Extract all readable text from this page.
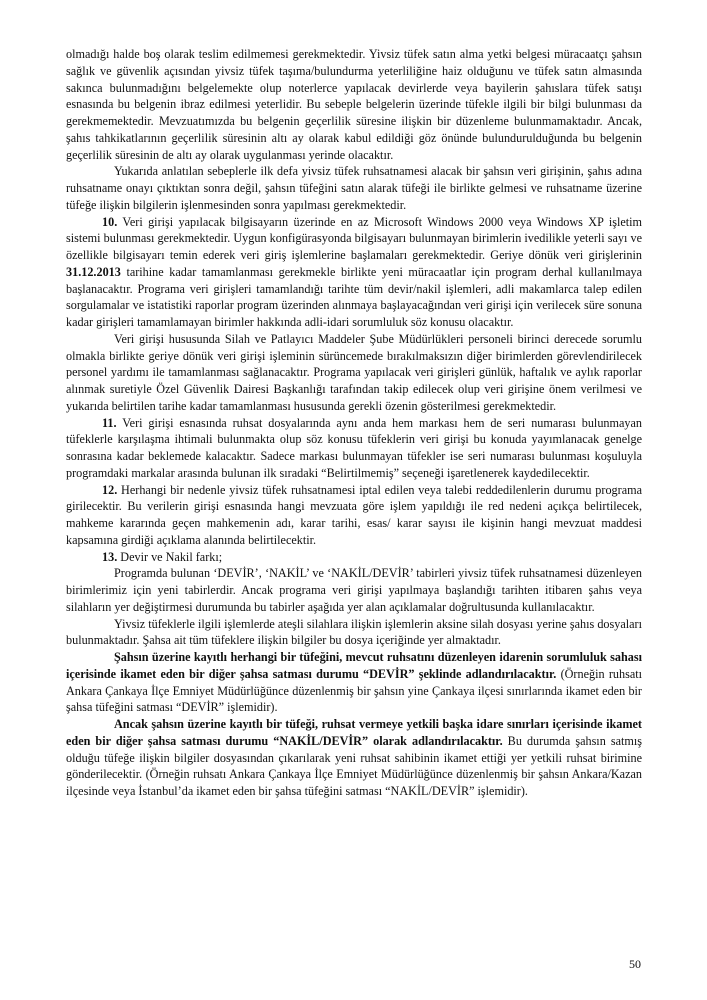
olmadığı halde boş olarak teslim edilmemesi gerekmektedir. Yivsiz tüfek satın alma yetki belgesi müracaatçı şahsın sağlık ve güvenlik açısından yivsiz tüfek taşıma/bulundurma yeterliliğine haiz olduğunu ve tüfek satın almasında sakınca bulunmadığını belgelemekte olup noterlerce yapılacak devirlerde veya bayilerin şahıslara tüfek satışı esnasında bu belgenin ibraz edilmesi yeterlidir. Bu sebeple belgelerin üzerinde tüfekle ilgili bir bilgi bulunması da gerekmemektedir. Mevzuatımızda bu belgenin geçerlilik süresine ilişkin bir düzenleme bulunmamaktadır. Ancak, şahıs tahkikatlarının geçerlilik süresinin altı ay olarak kabul edildiği göz önünde bulundurulduğunda bu belgenin geçerlilik süresinin de altı ay olarak uygulanması yerinde olacaktır.

Yukarıda anlatılan sebeplerle ilk defa yivsiz tüfek ruhsatnamesi alacak bir şahsın veri girişinin, şahıs adına ruhsatname onayı çıktıktan sonra değil, şahsın tüfeğini satın alarak tüfeği ile birlikte gelmesi ve ruhsatname üzerine tüfeğe ilişkin bilgilerin işlenmesinden sonra yapılması gerekmektedir.

10. Veri girişi yapılacak bilgisayarın üzerinde en az Microsoft Windows 2000 veya Windows XP işletim sistemi bulunması gerekmektedir. Uygun konfigürasyonda bilgisayarı bulunmayan birimlerin ivedilikle yeterli sayı ve özellikle bilgisayarı temin ederek veri giriş işlemlerine başlamaları gerekmektedir. Geriye dönük veri girişlerinin 31.12.2013 tarihine kadar tamamlanması gerekmekle birlikte yeni müracaatlar için program derhal kullanılmaya başlanacaktır. Programa veri girişleri tamamlandığı tarihte tüm devir/nakil işlemleri, adli makamlarca talep edilen sorgulamalar ve istatistiki raporlar program üzerinden alınmaya başlayacağından veri girişi için verilecek süre sonuna kadar girişleri tamamlamayan birimler hakkında adli-idari sorumluluk söz konusu olacaktır.

Veri girişi hususunda Silah ve Patlayıcı Maddeler Şube Müdürlükleri personeli birinci derecede sorumlu olmakla birlikte geriye dönük veri girişi işleminin sürüncemede bırakılmaksızın diğer birimlerden görevlendirilecek personel yardımı ile tamamlanması sağlanacaktır. Programa yapılacak veri girişleri günlük, haftalık ve aylık raporlar alınmak suretiyle Özel Güvenlik Dairesi Başkanlığı tarafından takip edilecek olup veri girişine önem verilmesi ve yukarıda belirtilen tarihe kadar tamamlanması hususunda gerekli özenin gösterilmesi gerekmektedir.

11. Veri girişi esnasında ruhsat dosyalarında aynı anda hem markası hem de seri numarası bulunmayan tüfeklerle karşılaşma ihtimali bulunmakta olup söz konusu tüfeklerin veri girişi bu konuda yayımlanacak genelge sonrasına kadar beklemede kalacaktır. Sadece markası bulunmayan tüfekler ise seri numarası bulunması koşuluyla programdaki markalar arasında bulunan ilk sıradaki “Belirtilmemiş” seçeneği işaretlenerek kaydedilecektir.

12. Herhangi bir nedenle yivsiz tüfek ruhsatnamesi iptal edilen veya talebi reddedilenlerin durumu programa girilecektir. Bu verilerin girişi esnasında hangi mevzuata göre işlem yapıldığı ile red nedeni açıkça belirtilecek, mahkeme kararında geçen mahkemenin adı, karar tarihi, esas/ karar sayısı ile kişinin hangi mevzuat maddesi kapsamına girdiği açıklama alanında belirtilecektir.

13. Devir ve Nakil farkı;

Programda bulunan ‘DEVİR’, ‘NAKİL’ ve ‘NAKİL/DEVİR’ tabirleri yivsiz tüfek ruhsatnamesi düzenleyen birimlerimiz için yeni tabirlerdir. Ancak programa veri girişi yapılmaya başlandığı tarihten itibaren şahıs veya silahların yer değiştirmesi durumunda bu tabirler aşağıda yer alan açıklamalar doğrultusunda kullanılacaktır.

Yivsiz tüfeklerle ilgili işlemlerde ateşli silahlara ilişkin işlemlerin aksine silah dosyası yerine şahıs dosyaları bulunmaktadır. Şahsa ait tüm tüfeklere ilişkin bilgiler bu dosya içeriğinde yer almaktadır.

Şahsın üzerine kayıtlı herhangi bir tüfeğini, mevcut ruhsatını düzenleyen idarenin sorumluluk sahası içerisinde ikamet eden bir diğer şahsa satması durumu “DEVİR” şeklinde adlandırılacaktır. (Örneğin ruhsatı Ankara Çankaya İlçe Emniyet Müdürlüğünce düzenlenmiş bir şahsın yine Çankaya ilçesi sınırlarında ikamet eden bir şahsa tüfeğini satması “DEVİR” işlemidir).

Ancak şahsın üzerine kayıtlı bir tüfeği, ruhsat vermeye yetkili başka idare sınırları içerisinde ikamet eden bir diğer şahsa satması durumu “NAKİL/DEVİR” olarak adlandırılacaktır. Bu durumda şahsın satmış olduğu tüfeğe ilişkin bilgiler dosyasından çıkarılarak yeni ruhsat sahibinin ikamet ettiği yer yetkili ruhsat birimine gönderilecektir. (Örneğin ruhsatı Ankara Çankaya İlçe Emniyet Müdürlüğünce düzenlenmiş bir şahsın Ankara/Kazan ilçesinde veya İstanbul’da ikamet eden bir şahsa tüfeğini satması “NAKİL/DEVİR” işlemidir).

50
